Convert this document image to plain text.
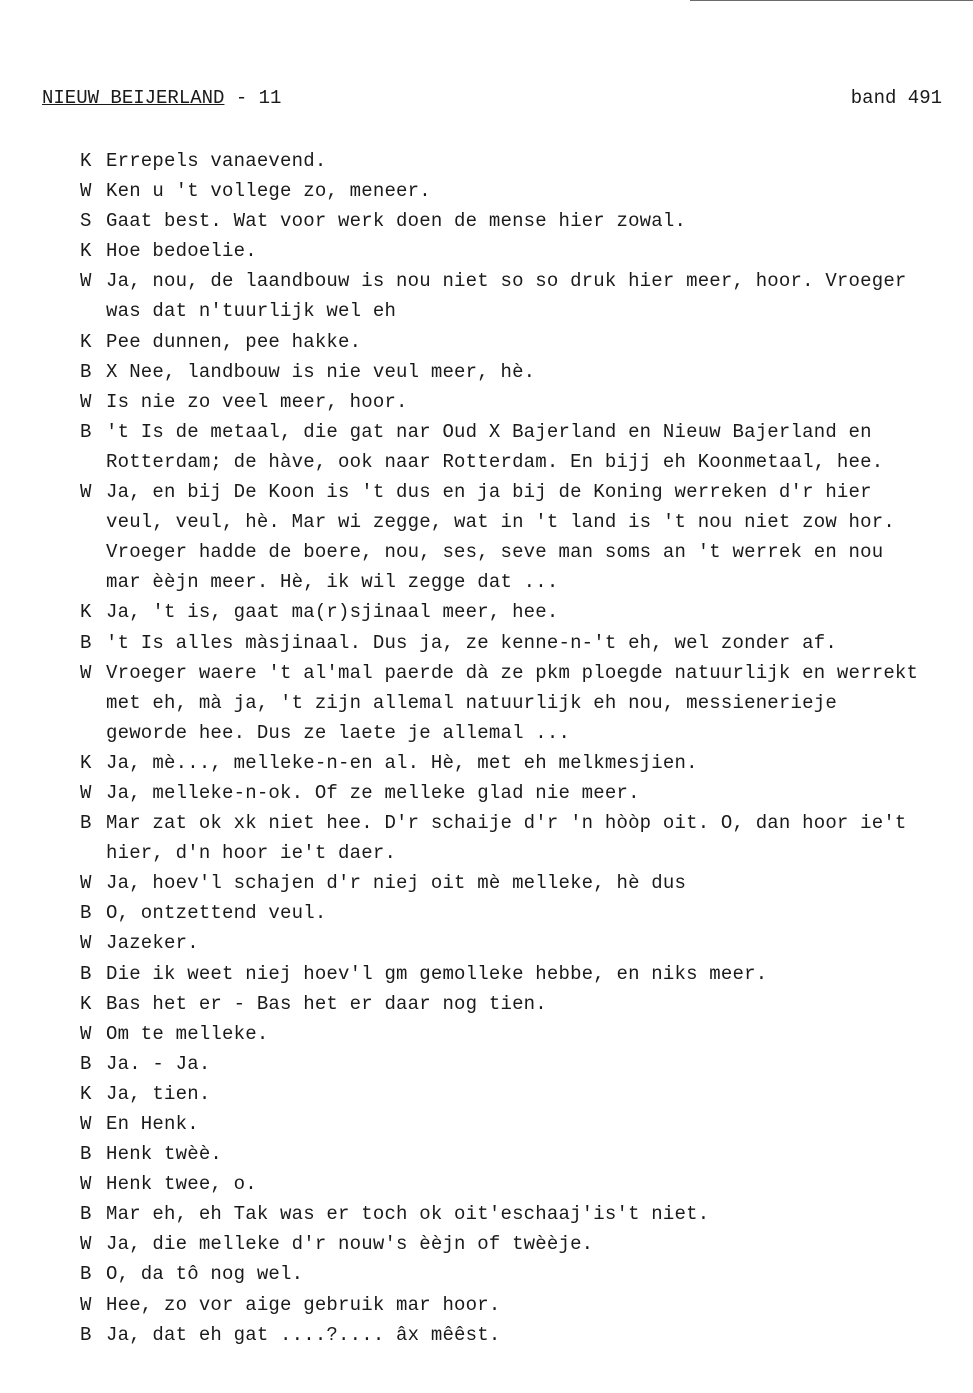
NIEUW BEIJERLAND - 11	band 491
K Errepels vanaevend.
W Ken u 't vollege zo, meneer.
S Gaat best. Wat voor werk doen de mense hier zowal.
K Hoe bedoelie.
W Ja, nou, de laandbouw is nou niet so so druk hier meer, hoor. Vroeger
was dat n'tuurlijk wel eh
K Pee dunnen, pee hakke.
B X Nee, landbouw is nie veul meer, hè.
W Is nie zo veel meer, hoor.
B 't Is de metaal, die gat nar Oud X Bajerland en Nieuw Bajerland en
Rotterdam; de hàve, ook naar Rotterdam. En bijj eh Koonmetaal, hee.
W Ja, en bij De Koon is 't dus en ja bij de Koning werreken d'r hier
veul, veul, hè. Mar wi zegge, wat in 't land is 't nou niet zow hor.
Vroeger hadde de boere, nou, ses, seve man soms an 't werrek en nou
mar èèjn meer. Hè, ik wil zegge dat ...
K Ja, 't is, gaat ma(r)sjinaal meer, hee.
B 't Is alles màsjinaal. Dus ja, ze kenne-n-'t eh, wel zonder af.
W Vroeger waere 't al'mal paerde dà ze pkm ploegde natuurlijk en werrekt
met eh, mà ja, 't zijn allemal natuurlijk eh nou, messienerieje
geworde hee. Dus ze laete je allemal ...
K Ja, mè..., melleke-n-en al. Hè, met eh melkmesjien.
W Ja, melleke-n-ok. Of ze melleke glad nie meer.
B Mar zat ok xk niet hee. D'r schaije d'r 'n hòòp oit. O, dan hoor ie't
hier, d'n hoor ie't daer.
W Ja, hoev'l schajen d'r niej oit mè melleke, hè dus
B O, ontzettend veul.
W Jazeker.
B Die ik weet niej hoev'l gm gemolleke hebbe, en niks meer.
K Bas het er - Bas het er daar nog tien.
W Om te melleke.
B Ja. - Ja.
K Ja, tien.
W En Henk.
B Henk twèè.
W Henk twee, o.
B Mar eh, eh Tak was er toch ok oit'eschaaj'is't niet.
W Ja, die melleke d'r nouw's èèjn of twèèje.
B O, da tô nog wel.
W Hee, zo vor aige gebruik mar hoor.
B Ja, dat eh gat ....?.... âx mêêst.
